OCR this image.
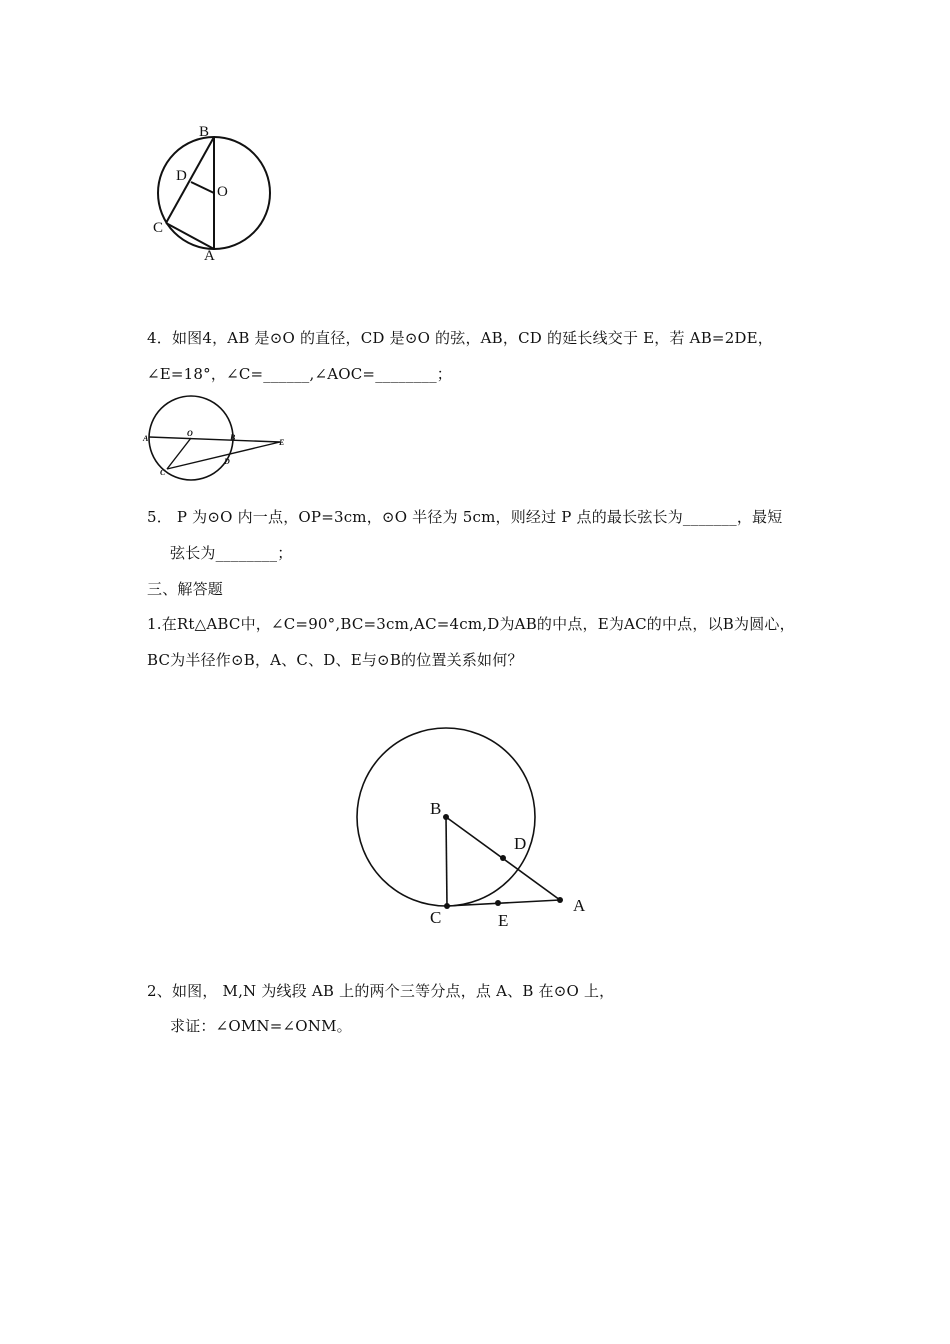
B
D
O
C
A
4．如图4，AB 是⊙O 的直径，CD 是⊙O 的弦，AB，CD 的延长线交于 E，若 AB=2DE，
∠E=18°，∠C=______,∠AOC=________；
A
O	B
E
C
D
5． P 为⊙O 内一点，OP=3cm，⊙O 半径为 5cm，则经过 P 点的最长弦长为_______，最短
弦长为________；
三、解答题
1.在Rt△ABC中，∠C=90°,BC=3cm,AC=4cm,D为AB的中点，E为AC的中点，以B为圆心，
BC为半径作⊙B，A、C、D、E与⊙B的位置关系如何？
B
D
C	E
A
2、如图， M,N 为线段 AB 上的两个三等分点，点 A、B 在⊙O 上，
求证：∠OMN=∠ONM。
